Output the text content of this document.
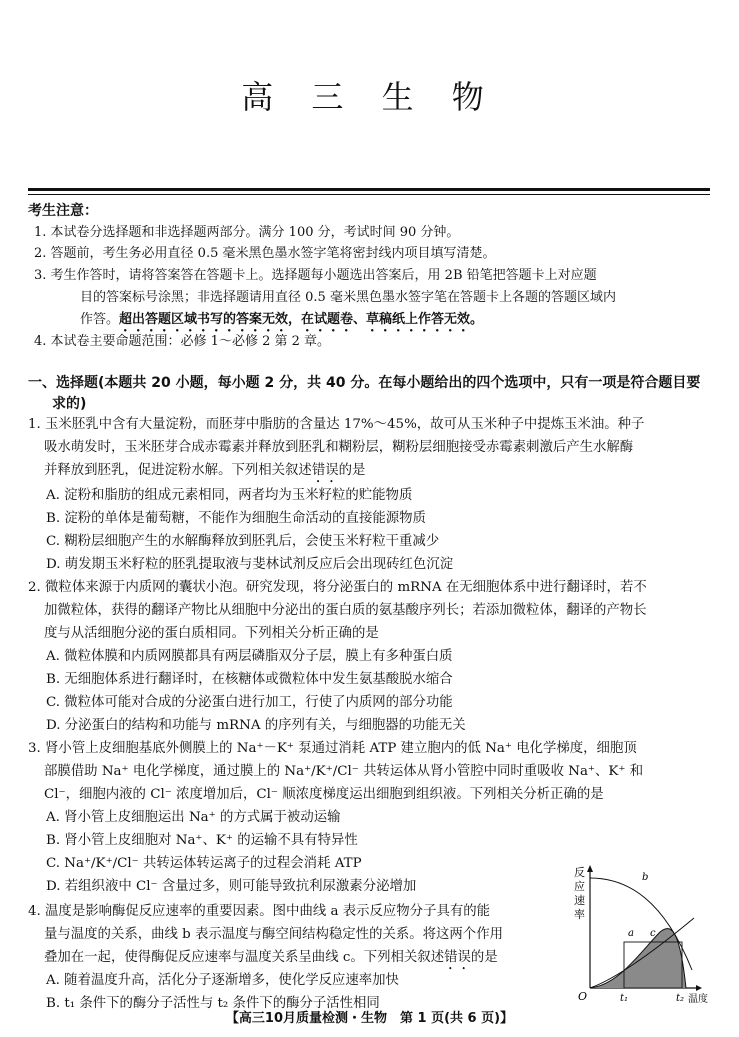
高 三 生 物
考生注意：
1. 本试卷分选择题和非选择题两部分。满分 100 分，考试时间 90 分钟。
2. 答题前，考生务必用直径 0.5 毫米黑色墨水签字笔将密封线内项目填写清楚。
3. 考生作答时，请将答案答在答题卡上。选择题每小题选出答案后，用 2B 铅笔把答题卡上对应题
目的答案标号涂黑；非选择题请用直径 0.5 毫米黑色墨水签字笔在答题卡上各题的答题区域内
作答。超出答题区域书写的答案无效，在试题卷、草稿纸上作答无效。
4. 本试卷主要命题范围：必修 1～必修 2 第 2 章。
一、选择题(本题共 20 小题，每小题 2 分，共 40 分。在每小题给出的四个选项中，只有一项是符合题目要
求的)
1. 玉米胚乳中含有大量淀粉，而胚芽中脂肪的含量达 17%～45%，故可从玉米种子中提炼玉米油。种子
吸水萌发时，玉米胚芽合成赤霉素并释放到胚乳和糊粉层，糊粉层细胞接受赤霉素刺激后产生水解酶
并释放到胚乳，促进淀粉水解。下列相关叙述错误的是
A. 淀粉和脂肪的组成元素相同，两者均为玉米籽粒的贮能物质
B. 淀粉的单体是葡萄糖，不能作为细胞生命活动的直接能源物质
C. 糊粉层细胞产生的水解酶释放到胚乳后，会使玉米籽粒干重减少
D. 萌发期玉米籽粒的胚乳提取液与斐林试剂反应后会出现砖红色沉淀
2. 微粒体来源于内质网的囊状小泡。研究发现，将分泌蛋白的 mRNA 在无细胞体系中进行翻译时，若不
加微粒体，获得的翻译产物比从细胞中分泌出的蛋白质的氨基酸序列长；若添加微粒体，翻译的产物长
度与从活细胞分泌的蛋白质相同。下列相关分析正确的是
A. 微粒体膜和内质网膜都具有两层磷脂双分子层，膜上有多种蛋白质
B. 无细胞体系进行翻译时，在核糖体或微粒体中发生氨基酸脱水缩合
C. 微粒体可能对合成的分泌蛋白进行加工，行使了内质网的部分功能
D. 分泌蛋白的结构和功能与 mRNA 的序列有关，与细胞器的功能无关
3. 肾小管上皮细胞基底外侧膜上的 Na⁺－K⁺ 泵通过消耗 ATP 建立胞内的低 Na⁺ 电化学梯度，细胞顶
部膜借助 Na⁺ 电化学梯度，通过膜上的 Na⁺/K⁺/Cl⁻ 共转运体从肾小管腔中同时重吸收 Na⁺、K⁺ 和
Cl⁻，细胞内液的 Cl⁻ 浓度增加后，Cl⁻ 顺浓度梯度运出细胞到组织液。下列相关分析正确的是
A. 肾小管上皮细胞运出 Na⁺ 的方式属于被动运输
B. 肾小管上皮细胞对 Na⁺、K⁺ 的运输不具有特异性
C. Na⁺/K⁺/Cl⁻ 共转运体转运离子的过程会消耗 ATP
D. 若组织液中 Cl⁻ 含量过多，则可能导致抗利尿激素分泌增加
4. 温度是影响酶促反应速率的重要因素。图中曲线 a 表示反应物分子具有的能
量与温度的关系，曲线 b 表示温度与酶空间结构稳定性的关系。将这两个作用
叠加在一起，使得酶促反应速率与温度关系呈曲线 c。下列相关叙述错误的是
A. 随着温度升高，活化分子逐渐增多，使化学反应速率加快
B. t₁ 条件下的酶分子活性与 t₂ 条件下的酶分子活性相同
反
应
速
率
O	温度
t₁	t₂
a
b
c
【高三10月质量检测・生物　第 1 页(共 6 页)】
